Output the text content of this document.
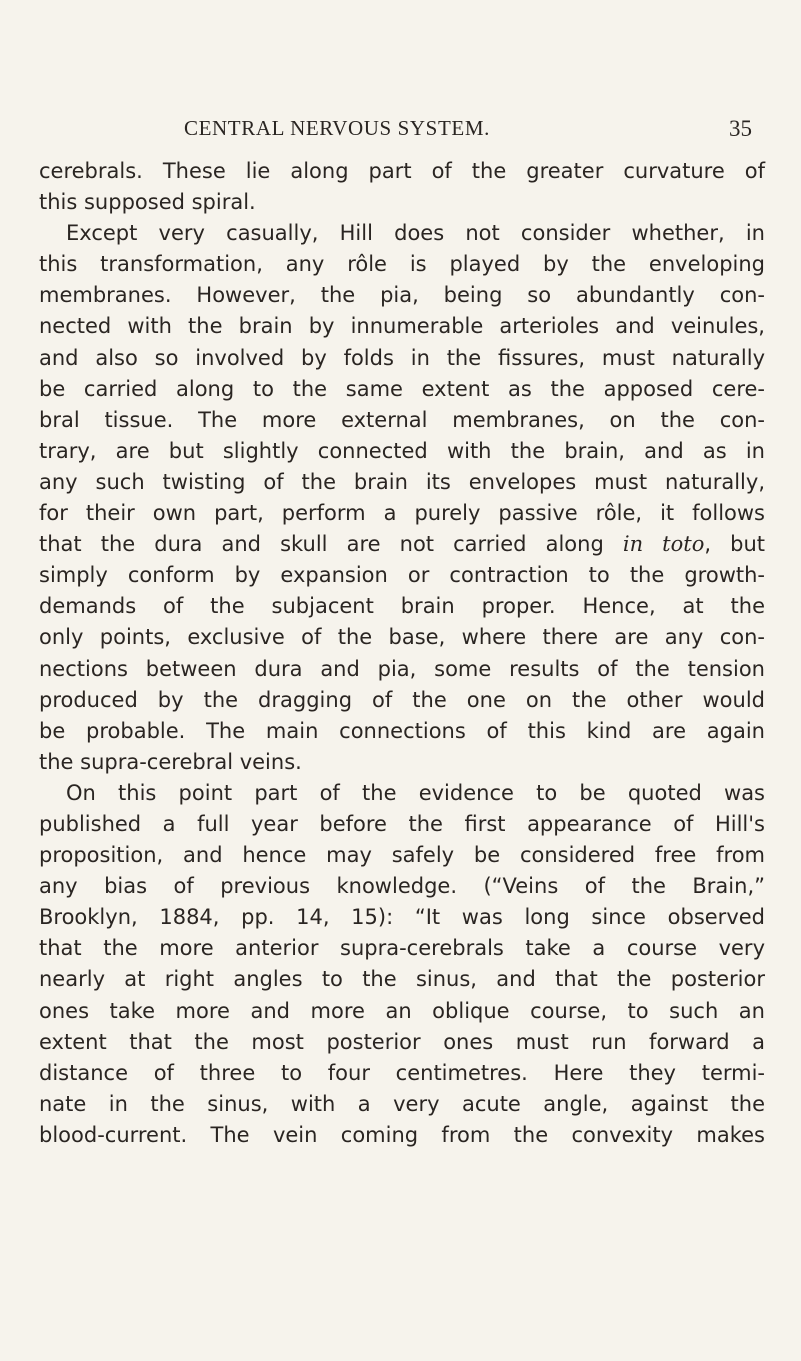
CENTRAL NERVOUS SYSTEM.	35
cerebrals. These lie along part of the greater curvature of
this supposed spiral.
Except very casually, Hill does not consider whether, in
this transformation, any rôle is played by the enveloping
membranes. However, the pia, being so abundantly con-
nected with the brain by innumerable arterioles and veinules,
and also so involved by folds in the fissures, must naturally
be carried along to the same extent as the apposed cere-
bral tissue. The more external membranes, on the con-
trary, are but slightly connected with the brain, and as in
any such twisting of the brain its envelopes must naturally,
for their own part, perform a purely passive rôle, it follows
that the dura and skull are not carried along in toto, but
simply conform by expansion or contraction to the growth-
demands of the subjacent brain proper. Hence, at the
only points, exclusive of the base, where there are any con-
nections between dura and pia, some results of the tension
produced by the dragging of the one on the other would
be probable. The main connections of this kind are again
the supra-cerebral veins.
On this point part of the evidence to be quoted was
published a full year before the first appearance of Hill's
proposition, and hence may safely be considered free from
any bias of previous knowledge. (“Veins of the Brain,”
Brooklyn, 1884, pp. 14, 15): “It was long since observed
that the more anterior supra-cerebrals take a course very
nearly at right angles to the sinus, and that the posterior
ones take more and more an oblique course, to such an
extent that the most posterior ones must run forward a
distance of three to four centimetres. Here they termi-
nate in the sinus, with a very acute angle, against the
blood-current. The vein coming from the convexity makes
